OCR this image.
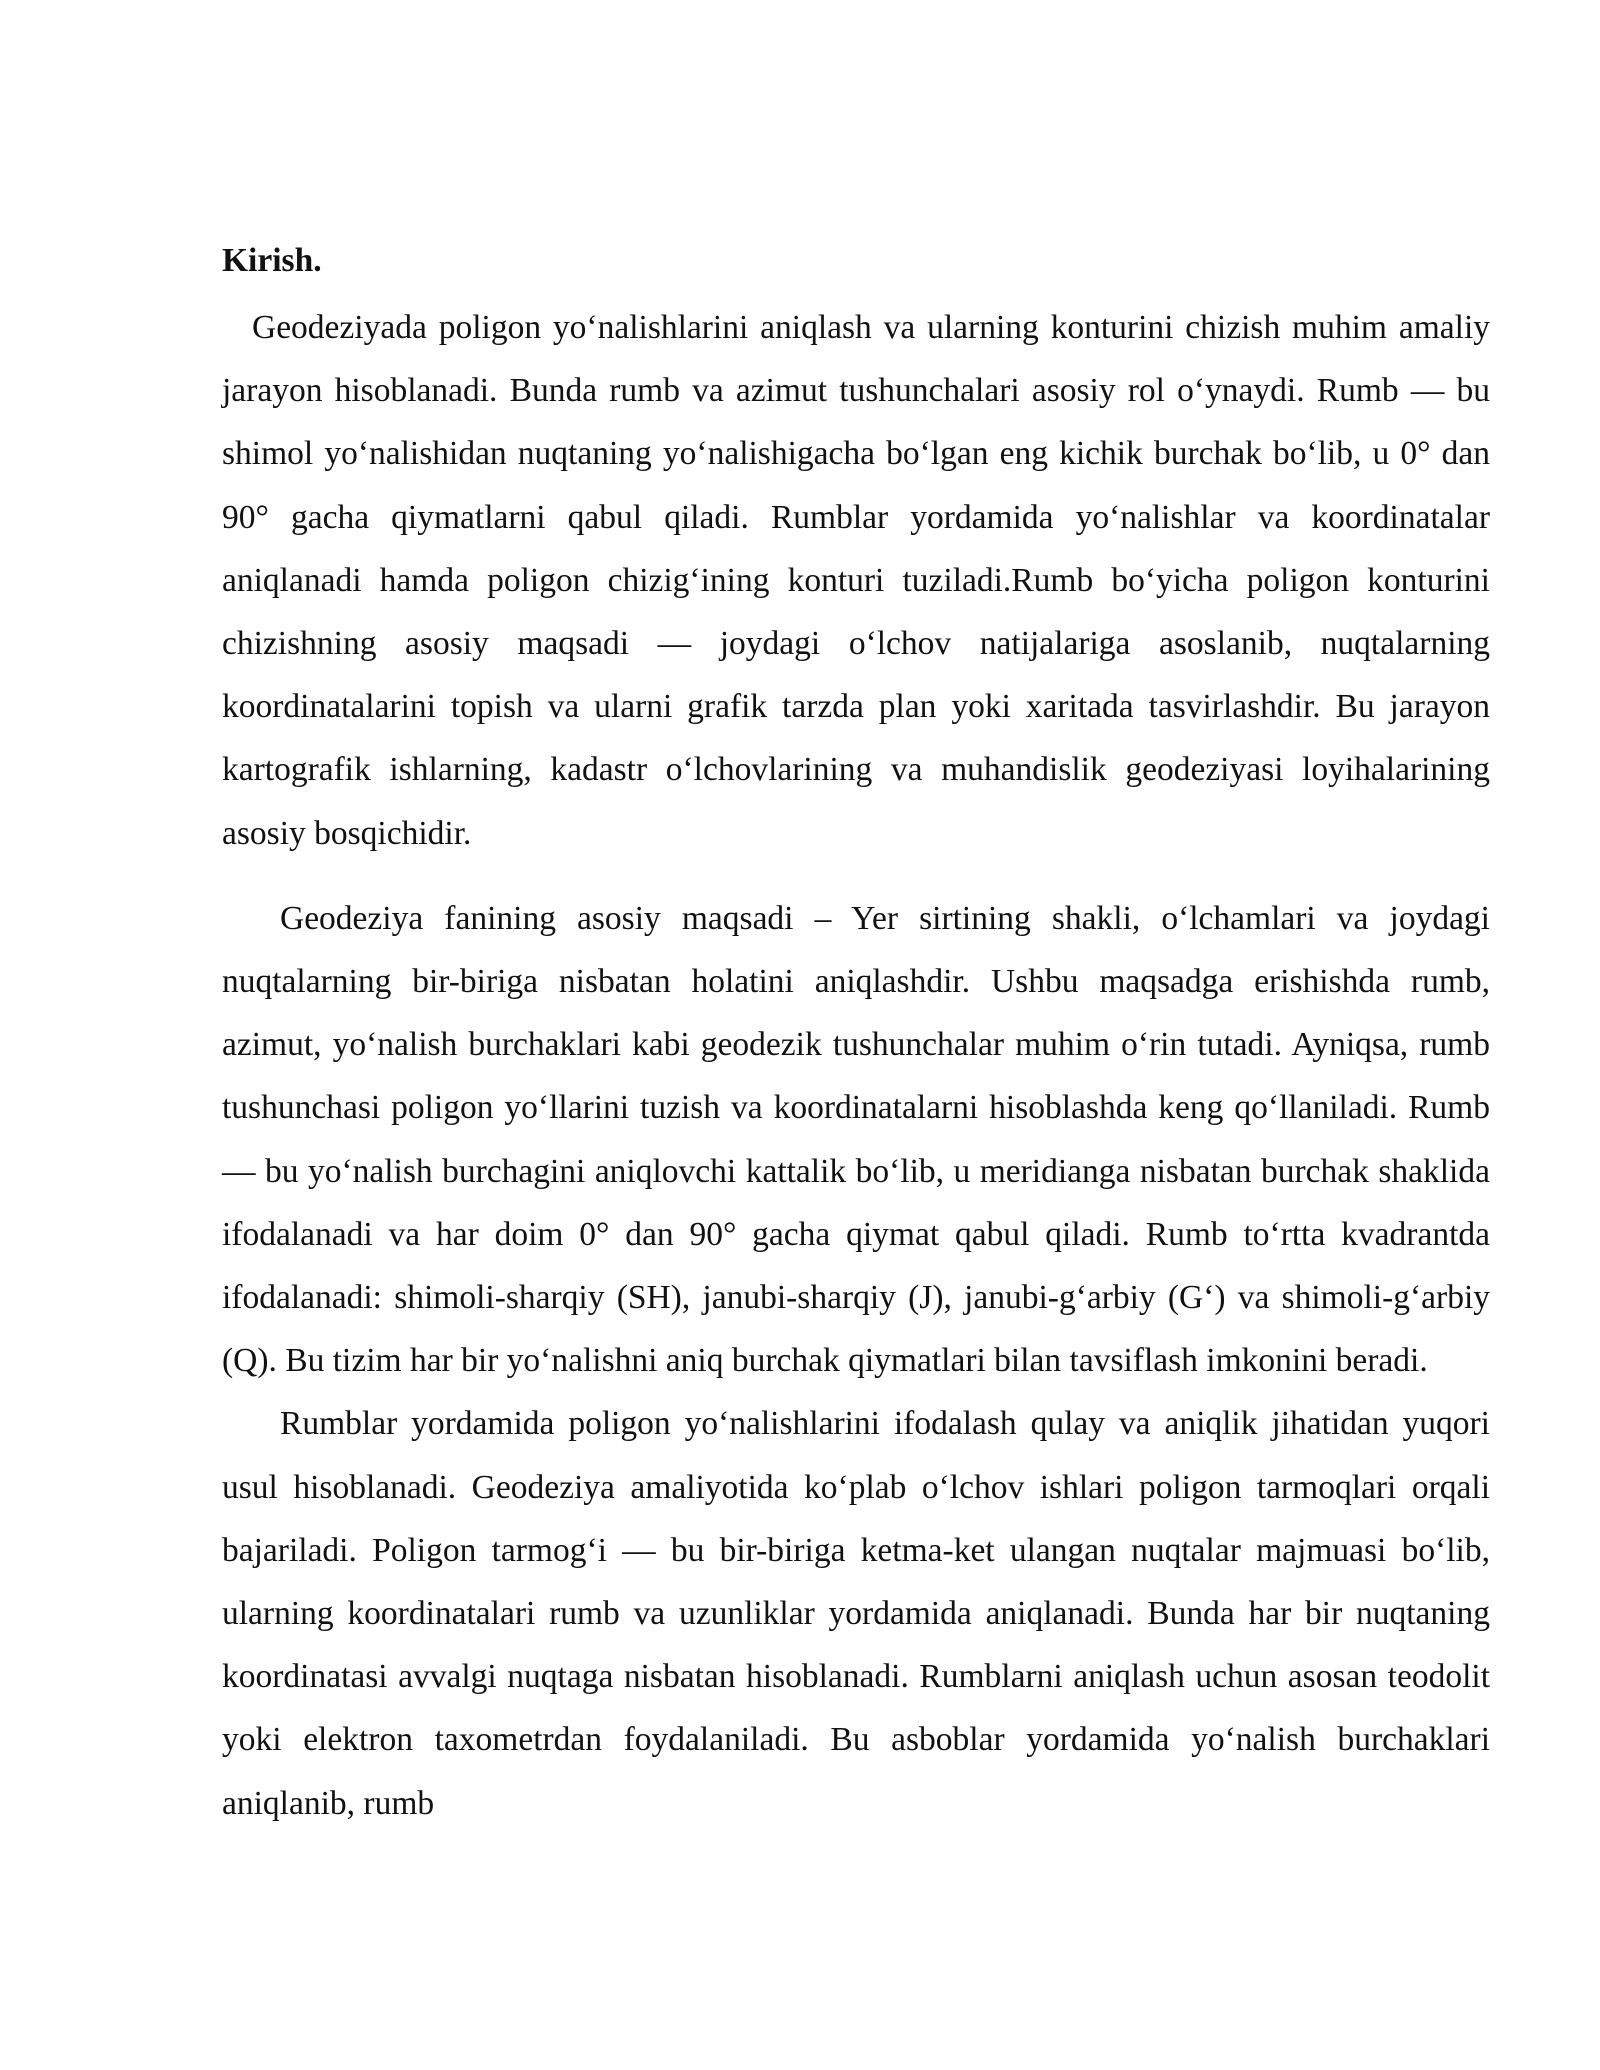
Kirish.

Geodeziyada poligon yo‘nalishlarini aniqlash va ularning konturini chizish muhim amaliy jarayon hisoblanadi. Bunda rumb va azimut tushunchalari asosiy rol o‘ynaydi. Rumb — bu shimol yo‘nalishidan nuqtaning yo‘nalishigacha bo‘lgan eng kichik burchak bo‘lib, u 0° dan 90° gacha qiymatlarni qabul qiladi. Rumblar yordamida yo‘nalishlar va koordinatalar aniqlanadi hamda poligon chizig‘ining konturi tuziladi.Rumb bo‘yicha poligon konturini chizishning asosiy maqsadi — joydagi o‘lchov natijalariga asoslanib, nuqtalarning koordinatalarini topish va ularni grafik tarzda plan yoki xaritada tasvirlashdir. Bu jarayon kartografik ishlarning, kadastr o‘lchovlarining va muhandislik geodeziyasi loyihalarining asosiy bosqichidir.

Geodeziya fanining asosiy maqsadi – Yer sirtining shakli, o‘lchamlari va joydagi nuqtalarning bir-biriga nisbatan holatini aniqlashdir. Ushbu maqsadga erishishda rumb, azimut, yo‘nalish burchaklari kabi geodezik tushunchalar muhim o‘rin tutadi. Ayniqsa, rumb tushunchasi poligon yo‘llarini tuzish va koordinatalarni hisoblashda keng qo‘llaniladi. Rumb — bu yo‘nalish burchagini aniqlovchi kattalik bo‘lib, u meridianga nisbatan burchak shaklida ifodalanadi va har doim 0° dan 90° gacha qiymat qabul qiladi. Rumb to‘rtta kvadrantda ifodalanadi: shimoli-sharqiy (SH), janubi-sharqiy (J), janubi-g‘arbiy (G‘) va shimoli-g‘arbiy (Q). Bu tizim har bir yo‘nalishni aniq burchak qiymatlari bilan tavsiflash imkonini beradi.
Rumblar yordamida poligon yo‘nalishlarini ifodalash qulay va aniqlik jihatidan yuqori usul hisoblanadi. Geodeziya amaliyotida ko‘plab o‘lchov ishlari poligon tarmoqlari orqali bajariladi. Poligon tarmog‘i — bu bir-biriga ketma-ket ulangan nuqtalar majmuasi bo‘lib, ularning koordinatalari rumb va uzunliklar yordamida aniqlanadi. Bunda har bir nuqtaning koordinatasi avvalgi nuqtaga nisbatan hisoblanadi. Rumblarni aniqlash uchun asosan teodolit yoki elektron taxometrdan foydalaniladi. Bu asboblar yordamida yo‘nalish burchaklari aniqlanib, rumb
